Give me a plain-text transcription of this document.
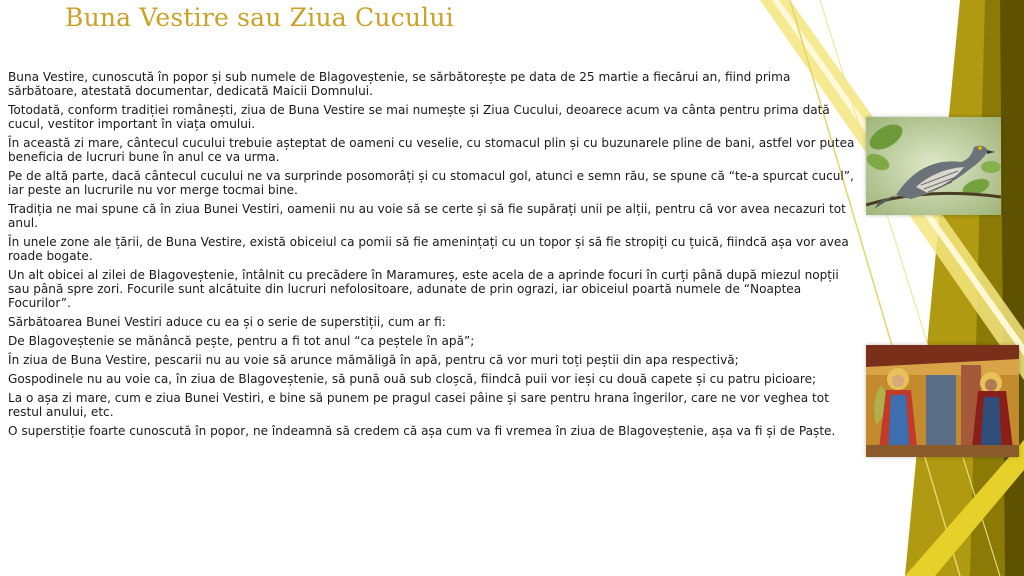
Buna Vestire sau Ziua Cucului

Buna Vestire, cunoscută în popor și sub numele de Blagoveștenie, se sărbătorește pe data de 25 martie a fiecărui an, fiind prima sărbătoare, atestată documentar, dedicată Maicii Domnului.

Totodată, conform tradiției românești, ziua de Buna Vestire se mai numește și Ziua Cucului, deoarece acum va cânta pentru prima dată cucul, vestitor important în viața omului.

În această zi mare, cântecul cucului trebuie așteptat de oameni cu veselie, cu stomacul plin și cu buzunarele pline de bani, astfel vor putea beneficia de lucruri bune în anul ce va urma.

Pe de altă parte, dacă cântecul cucului ne va surprinde posomorâți și cu stomacul gol, atunci e semn rău, se spune că “te-a spurcat cucul”, iar peste an lucrurile nu vor merge tocmai bine.

Tradiția ne mai spune că în ziua Bunei Vestiri, oamenii nu au voie să se certe și să fie supărați unii pe alții, pentru că vor avea necazuri tot anul.

În unele zone ale țării, de Buna Vestire, există obiceiul ca pomii să fie amenințați cu un topor și să fie stropiți cu țuică, fiindcă așa vor avea roade bogate.

Un alt obicei al zilei de Blagoveștenie, întâlnit cu precădere în Maramureș, este acela de a aprinde focuri în curți până după miezul nopții sau până spre zori. Focurile sunt alcătuite din lucruri nefolositoare, adunate de prin ograzi, iar obiceiul poartă numele de “Noaptea Focurilor”.

Sărbătoarea Bunei Vestiri aduce cu ea și o serie de superstiții, cum ar fi:

De Blagoveștenie se mănâncă pește, pentru a fi tot anul “ca peștele în apă”;

În ziua de Buna Vestire, pescarii nu au voie să arunce mămăligă în apă, pentru că vor muri toți peștii din apa respectivă;

Gospodinele nu au voie ca, în ziua de Blagoveștenie, să pună ouă sub cloșcă, fiindcă puii vor ieși cu două capete și cu patru picioare;

La o așa zi mare, cum e ziua Bunei Vestiri, e bine să punem pe pragul casei pâine și sare pentru hrana îngerilor, care ne vor veghea tot restul anului, etc.

O superstiție foarte cunoscută în popor, ne îndeamnă să credem că așa cum va fi vremea în ziua de Blagoveștenie, așa va fi și de Paște.
